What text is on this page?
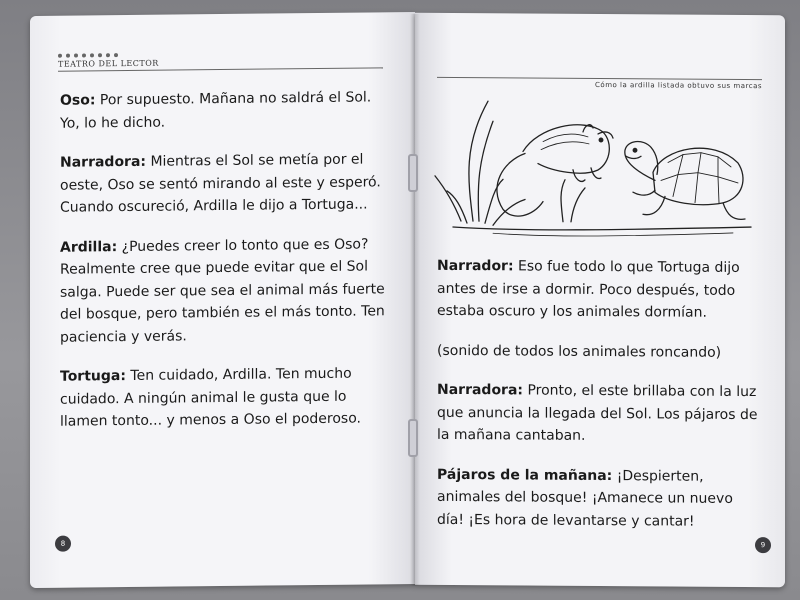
TEATRO DEL LECTOR

Oso: Por supuesto. Mañana no saldrá el Sol. Yo, lo he dicho.

Narradora: Mientras el Sol se metía por el oeste, Oso se sentó mirando al este y esperó. Cuando oscureció, Ardilla le dijo a Tortuga...

Ardilla: ¿Puedes creer lo tonto que es Oso? Realmente cree que puede evitar que el Sol salga. Puede ser que sea el animal más fuerte del bosque, pero también es el más tonto. Ten paciencia y verás.

Tortuga: Ten cuidado, Ardilla. Ten mucho cuidado. A ningún animal le gusta que lo llamen tonto... y menos a Oso el poderoso.

8
Cómo la ardilla listada obtuvo sus marcas

Narrador: Eso fue todo lo que Tortuga dijo antes de irse a dormir. Poco después, todo estaba oscuro y los animales dormían.

(sonido de todos los animales roncando)

Narradora: Pronto, el este brillaba con la luz que anuncia la llegada del Sol. Los pájaros de la mañana cantaban.

Pájaros de la mañana: ¡Despierten, animales del bosque! ¡Amanece un nuevo día! ¡Es hora de levantarse y cantar!

9
